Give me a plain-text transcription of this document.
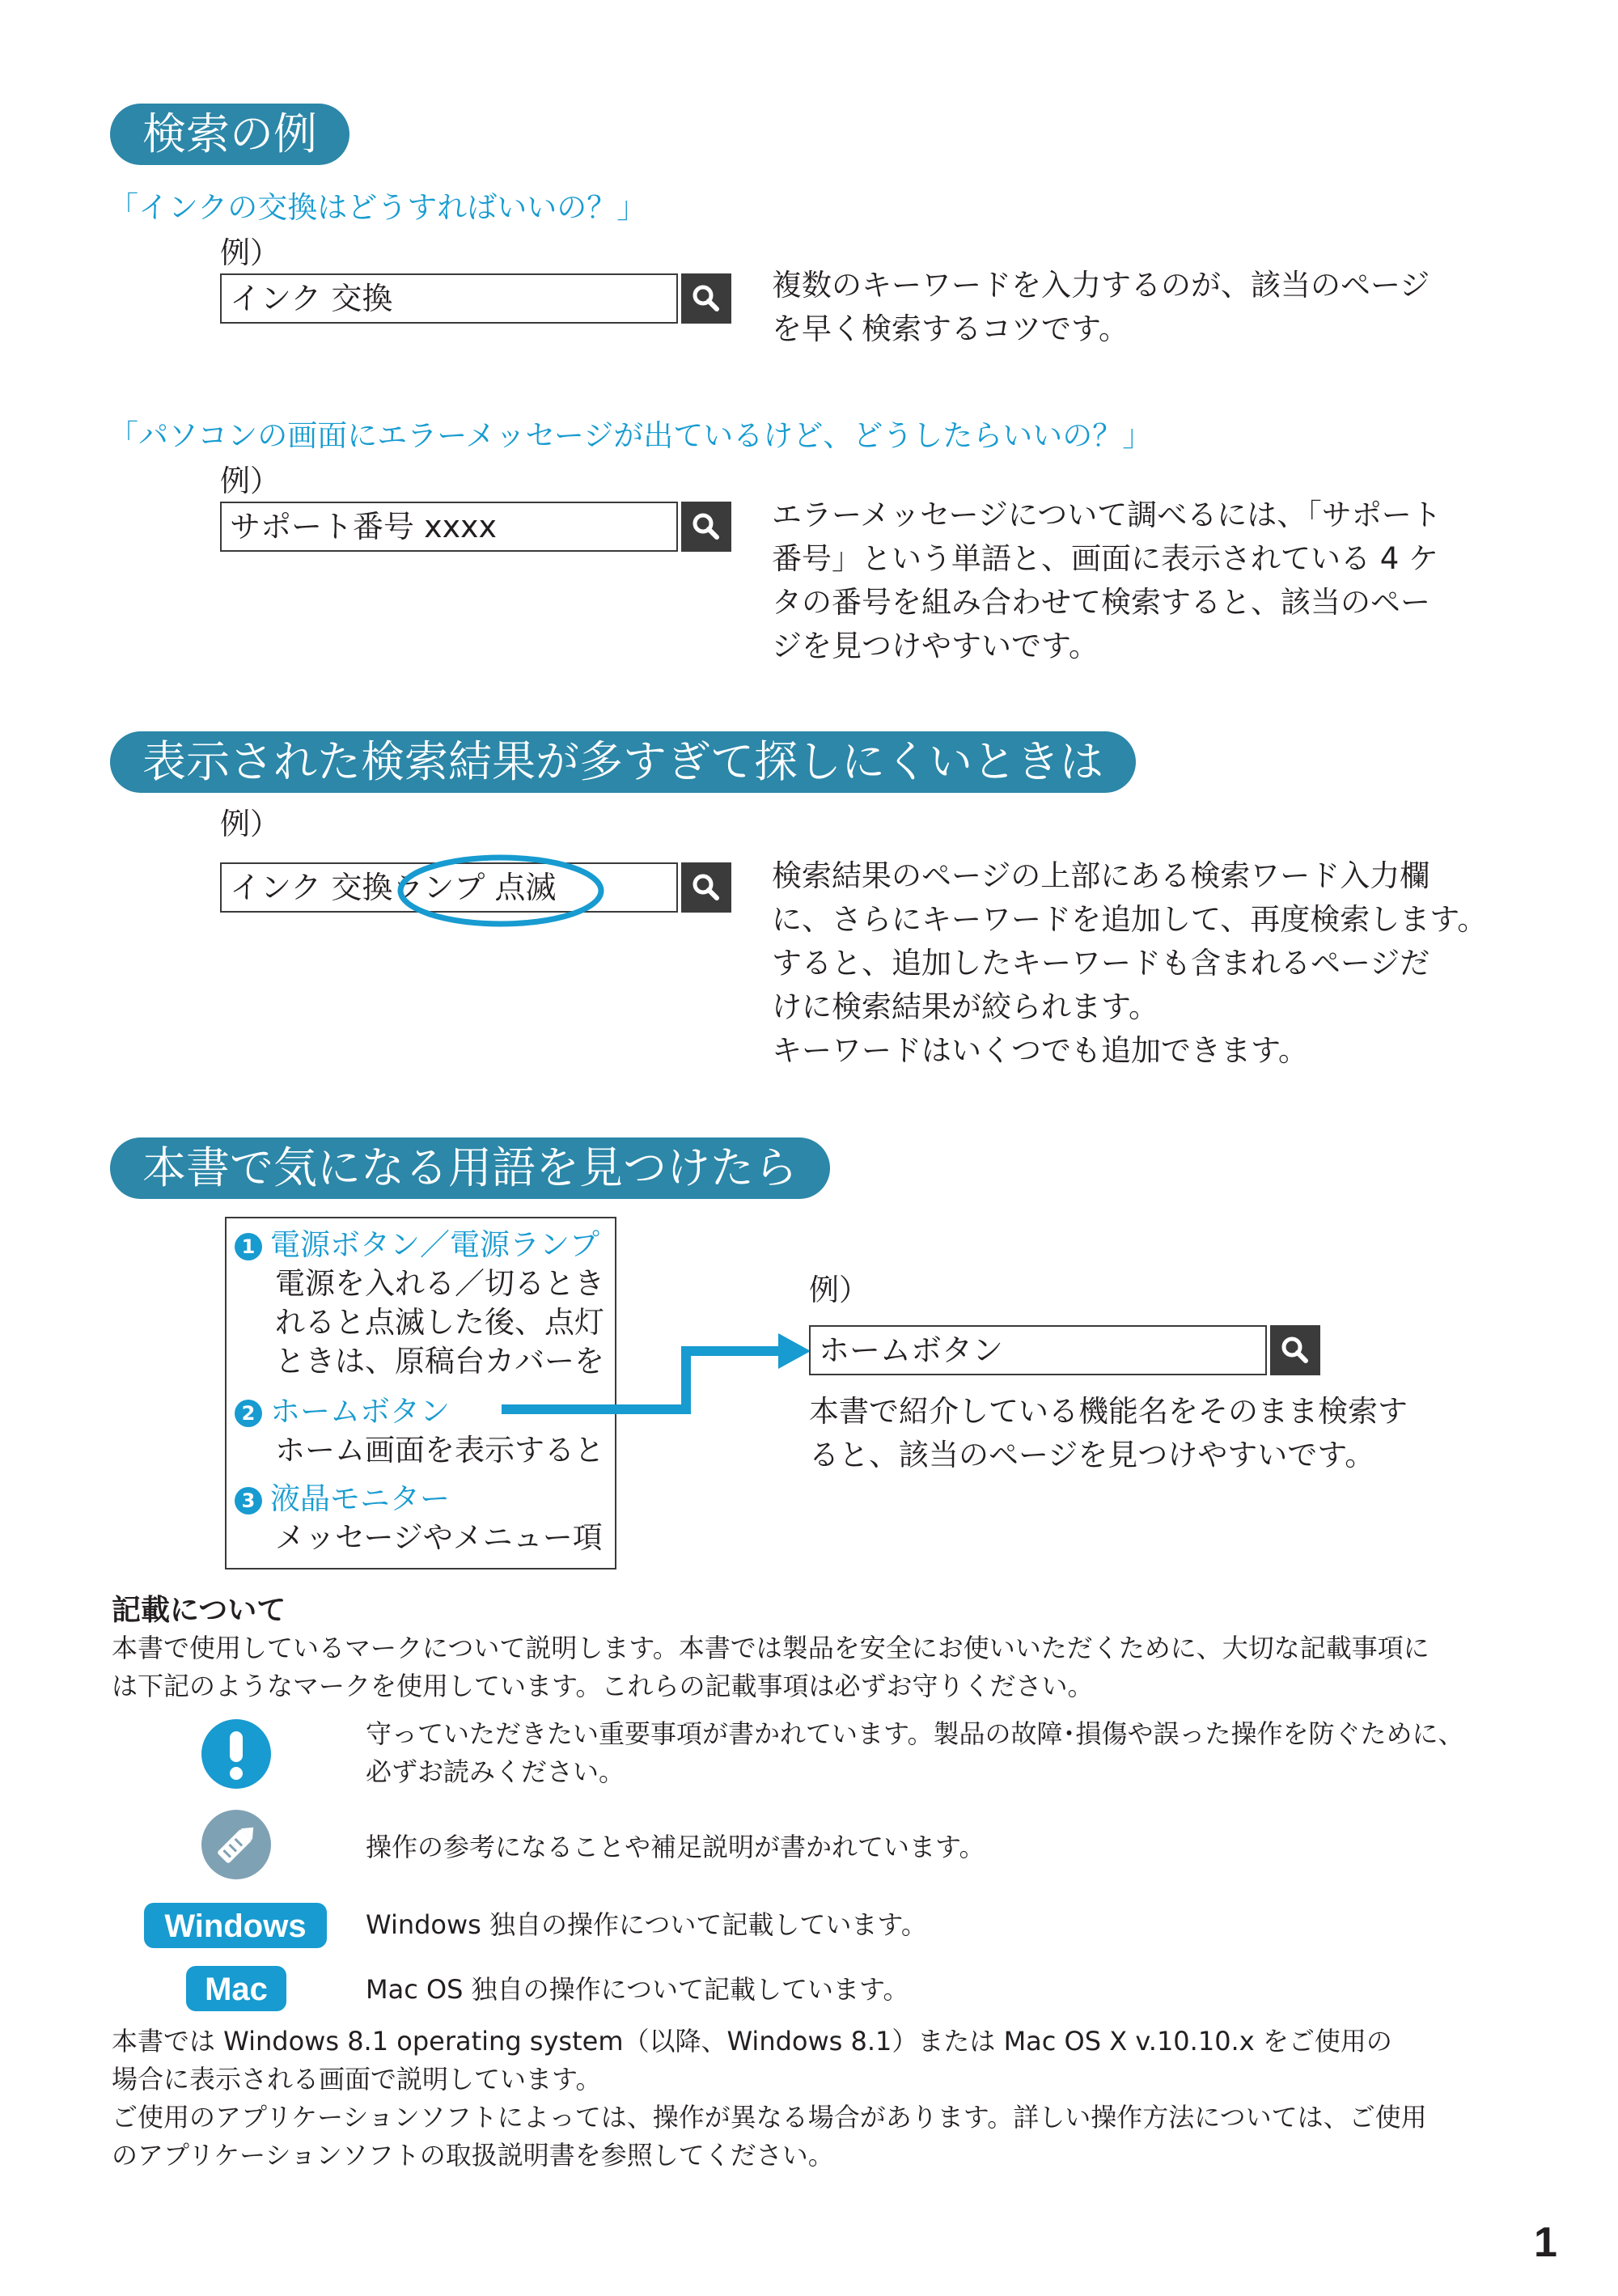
検索の例
「インクの交換はどうすればいいの？」
例）
インク 交換	複数のキーワードを入力するのが、該当のページ
を早く検索するコツです。
「パソコンの画面にエラーメッセージが出ているけど、どうしたらいいの？」
例）
サポート番号 xxxx	エラーメッセージについて調べるには、「サポート
番号」という単語と、画面に表示されている 4 ケ
タの番号を組み合わせて検索すると、該当のペー
ジを見つけやすいです。
表示された検索結果が多すぎて探しにくいときは
例）
インク 交換ランプ 点滅	検索結果のページの上部にある検索ワード入力欄
に、さらにキーワードを追加して、再度検索します。
すると、追加したキーワードも含まれるページだ
けに検索結果が絞られます。
キーワードはいくつでも追加できます。
本書で気になる用語を見つけたら
1 電源ボタン／電源ランプ
電源を入れる／切るとき
れると点滅した後、点灯
ときは、原稿台カバーを
2 ホームボタン
ホーム画面を表示すると
3 液晶モニター
メッセージやメニュー項
例）
ホームボタン
本書で紹介している機能名をそのまま検索す
ると、該当のページを見つけやすいです。
記載について
本書で使用しているマークについて説明します。本書では製品を安全にお使いいただくために、大切な記載事項に
は下記のようなマークを使用しています。これらの記載事項は必ずお守りください。
守っていただきたい重要事項が書かれています。製品の故障･損傷や誤った操作を防ぐために、
必ずお読みください。
操作の参考になることや補足説明が書かれています。
Windows	Windows 独自の操作について記載しています。
Mac	Mac OS 独自の操作について記載しています。
本書では Windows 8.1 operating system（以降、Windows 8.1）または Mac OS X v.10.10.x をご使用の
場合に表示される画面で説明しています。
ご使用のアプリケーションソフトによっては、操作が異なる場合があります。詳しい操作方法については、ご使用
のアプリケーションソフトの取扱説明書を参照してください。
1
